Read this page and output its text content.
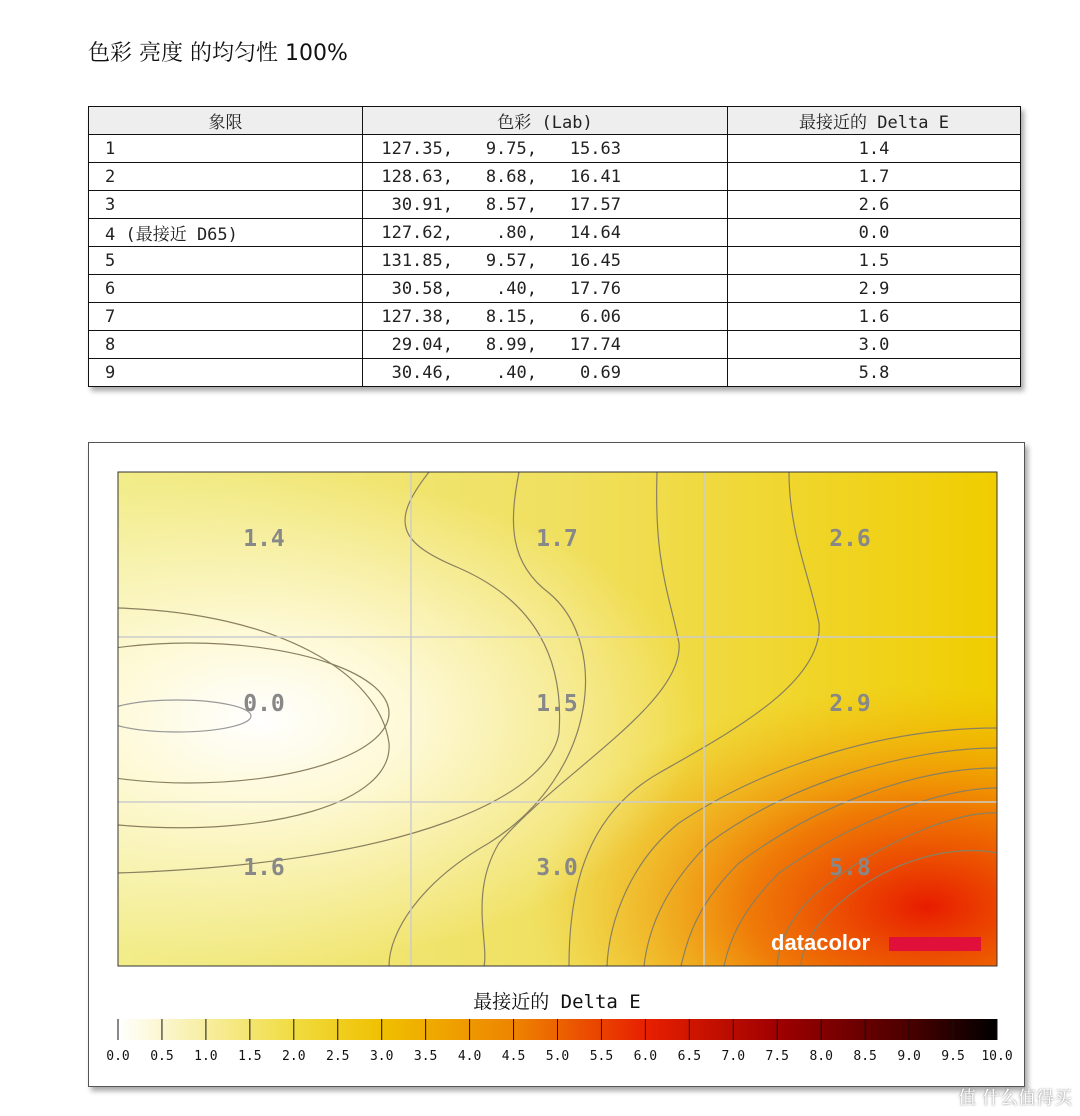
色彩 亮度 的均匀性 100%
象限	色彩 (Lab)	最接近的 Delta E
1	127.35, 9.75, 15.63	1.4
2	128.63, 8.68, 16.41	1.7
3	30.91, 8.57, 17.57	2.6
4 (最接近 D65)	127.62, .80, 14.64	0.0
5	131.85, 9.57, 16.45	1.5
6	30.58, .40, 17.76	2.9
7	127.38, 8.15, 6.06	1.6
8	29.04, 8.99, 17.74	3.0
9	30.46, .40, 0.69	5.8
1.4	1.7	2.6
0.0	1.5	2.9
1.6	3.0	5.8
datacolor
最接近的 Delta E
0.0 0.5 1.0 1.5 2.0 2.5 3.0 3.5 4.0 4.5 5.0 5.5 6.0 6.5 7.0 7.5 8.0 8.5 9.0 9.5 10.0
值 什么值得买
